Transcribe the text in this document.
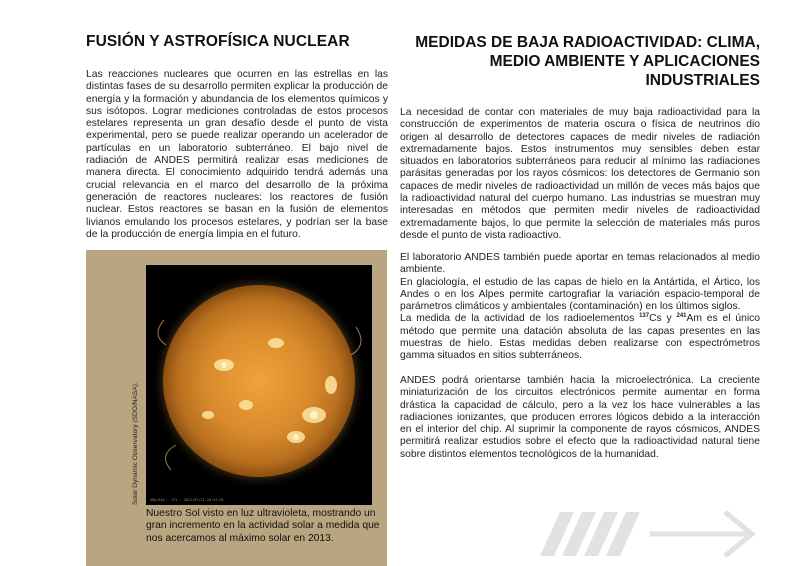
FUSIÓN Y ASTROFÍSICA NUCLEAR

Las reacciones nucleares que ocurren en las estrellas en las distintas fases de su desarrollo permiten explicar la producción de energía y la formación y abundancia de los elementos químicos y sus isótopos. Lograr mediciones controladas de estos procesos estelares representa un gran desafío desde el punto de vista experimental, pero se puede realizar operando un acelerador de partículas en un laboratorio subterráneo. El bajo nivel de radiación de ANDES permitirá realizar esas mediciones de manera directa. El conocimiento adquirido tendrá además una crucial relevancia en el marco del desarrollo de la próxima generación de reactores nucleares: los reactores de fusión nuclear. Estos reactores se basan en la fusión de elementos livianos emulando los procesos estelares, y podrían ser la base de la producción de energía limpia en el futuro.

Solar Dynamic Observatory (SDO/NASA).	SDO/AIA · 171 · 2012/07/11 20:47:01
Nuestro Sol visto en luz ultravioleta, mostrando un gran incremento en la actividad solar a medida que nos acercamos al máximo solar en 2013.
MEDIDAS DE BAJA RADIOACTIVIDAD: CLIMA, MEDIO AMBIENTE Y APLICACIONES INDUSTRIALES

La necesidad de contar con materiales de muy baja radioactividad para la construcción de experimentos de materia oscura o física de neutrinos dio origen al desarrollo de detectores capaces de medir niveles de radiación extremadamente bajos. Estos instrumentos muy sensibles deben estar situados en laboratorios subterráneos para reducir al mínimo las radiaciones parásitas generadas por los rayos cósmicos: los detectores de Germanio son capaces de medir niveles de radioactividad un millón de veces más bajos que la radioactividad natural del cuerpo humano. Las industrias se muestran muy interesadas en métodos que permiten medir niveles de radioactividad extremadamente bajos, lo que permite la selección de materiales más puros desde el punto de vista radioactivo.

El laboratorio ANDES también puede aportar en temas relacionados al medio ambiente.

En glaciología, el estudio de las capas de hielo en la Antártida, el Ártico, los Andes o en los Alpes permite cartografiar la variación espacio-temporal de parámetros climáticos y ambientales (contaminación) en los últimos siglos.

La medida de la actividad de los radioelementos $^{137}$Cs y $^{241}$Am es el único método que permite una datación absoluta de las capas presentes en las muestras de hielo. Estas medidas deben realizarse con espectrómetros gamma situados en sitios subterráneos.

ANDES podrá orientarse también hacia la microelectrónica. La creciente miniaturización de los circuitos electrónicos permite aumentar en forma drástica la capacidad de cálculo, pero a la vez los hace vulnerables a las radiaciones ionizantes, que producen errores lógicos debido a la interacción en el interior del chip. Al suprimir la componente de rayos cósmicos, ANDES permitirá realizar estudios sobre el efecto que la radioactividad natural tiene sobre distintos elementos tecnológicos de la humanidad.
